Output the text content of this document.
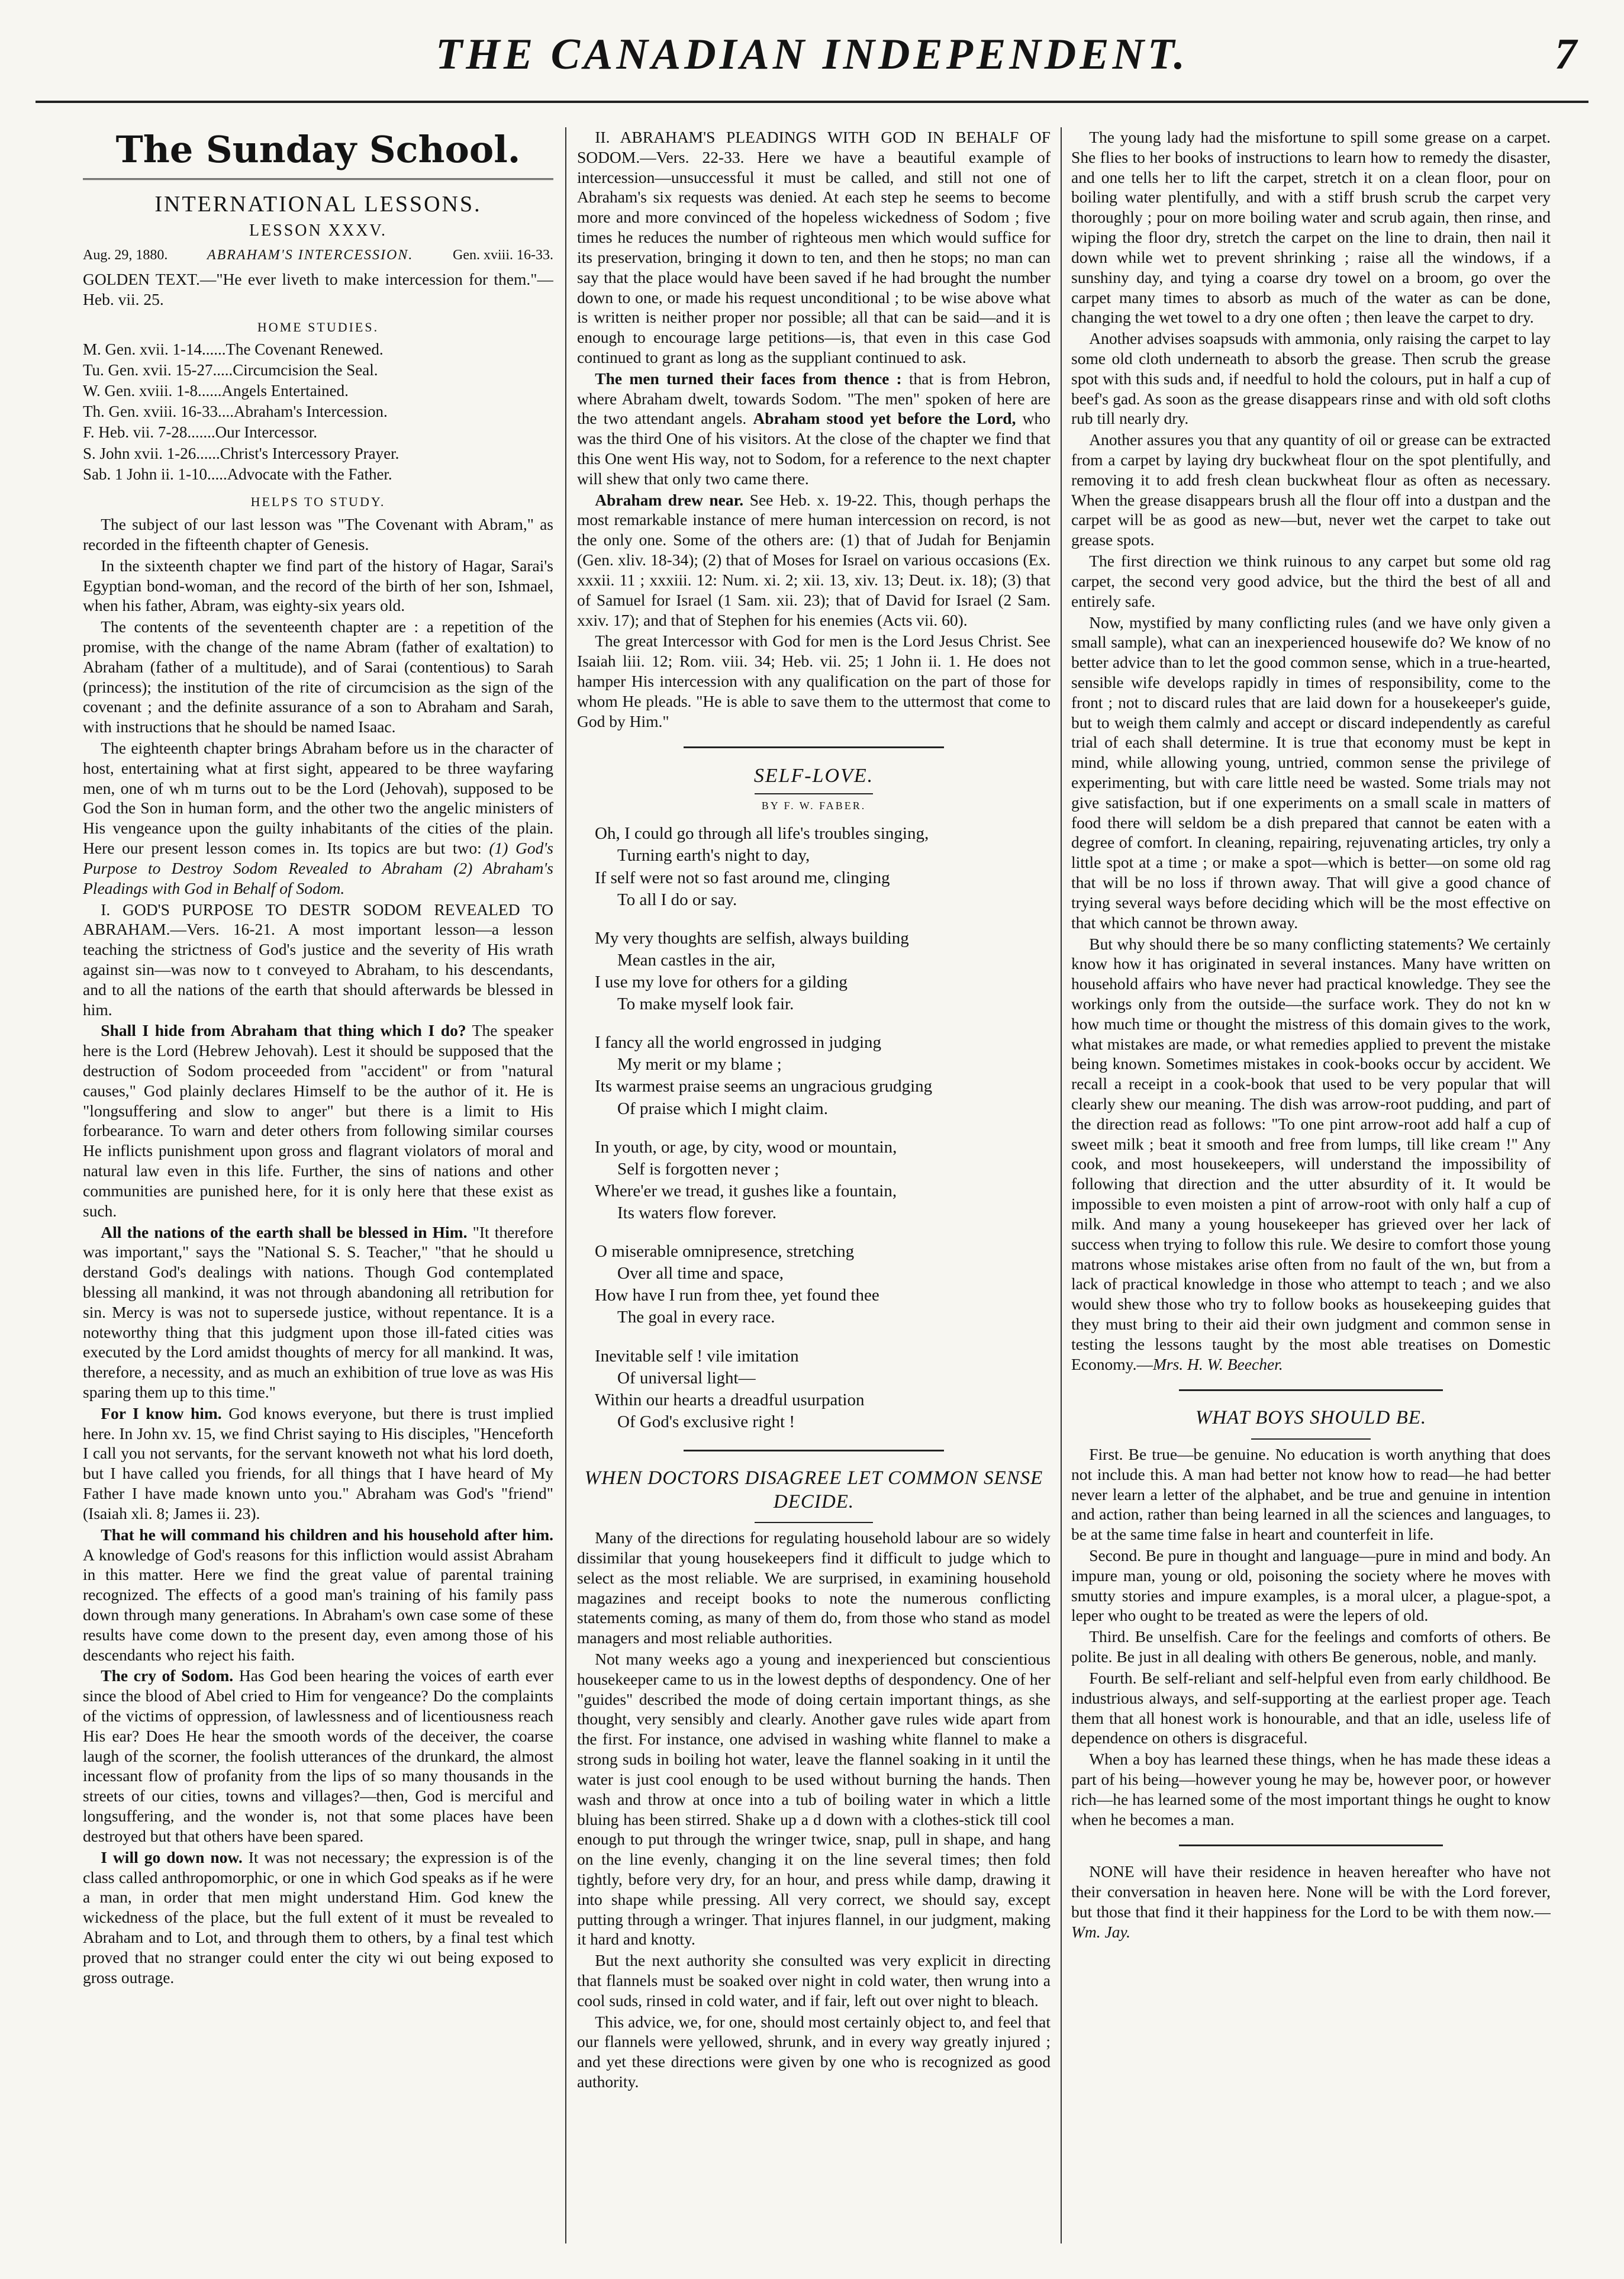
THE CANADIAN INDEPENDENT.	7
The Sunday School.
INTERNATIONAL LESSONS.
LESSON XXXV.
Aug. 29, 1880.	ABRAHAM'S INTERCESSION.	Gen. xviii. 16-33.

GOLDEN TEXT.—"He ever liveth to make intercession for them."—Heb. vii. 25.

HOME STUDIES.
M. Gen. xvii. 1-14......The Covenant Renewed.
Tu. Gen. xvii. 15-27.....Circumcision the Seal.
W. Gen. xviii. 1-8......Angels Entertained.
Th. Gen. xviii. 16-33....Abraham's Intercession.
F. Heb. vii. 7-28.......Our Intercessor.
S. John xvii. 1-26......Christ's Intercessory Prayer.
Sab. 1 John ii. 1-10.....Advocate with the Father.
HELPS TO STUDY.

The subject of our last lesson was "The Covenant with Abram," as recorded in the fifteenth chapter of Genesis.

In the sixteenth chapter we find part of the history of Hagar, Sarai's Egyptian bond-woman, and the record of the birth of her son, Ishmael, when his father, Abram, was eighty-six years old.

The contents of the seventeenth chapter are : a repetition of the promise, with the change of the name Abram (father of exaltation) to Abraham (father of a multitude), and of Sarai (contentious) to Sarah (princess); the institution of the rite of circumcision as the sign of the covenant ; and the definite assurance of a son to Abraham and Sarah, with instructions that he should be named Isaac.

The eighteenth chapter brings Abraham before us in the character of host, entertaining what at first sight, appeared to be three wayfaring men, one of wh m turns out to be the Lord (Jehovah), supposed to be God the Son in human form, and the other two the angelic ministers of His vengeance upon the guilty inhabitants of the cities of the plain. Here our present lesson comes in. Its topics are but two: (1) God's Purpose to Destroy Sodom Revealed to Abraham (2) Abraham's Pleadings with God in Behalf of Sodom.

I. GOD'S PURPOSE TO DESTR SODOM REVEALED TO ABRAHAM.—Vers. 16-21. A most important lesson—a lesson teaching the strictness of God's justice and the severity of His wrath against sin—was now to t conveyed to Abraham, to his descendants, and to all the nations of the earth that should afterwards be blessed in him.

Shall I hide from Abraham that thing which I do? The speaker here is the Lord (Hebrew Jehovah). Lest it should be supposed that the destruction of Sodom proceeded from "accident" or from "natural causes," God plainly declares Himself to be the author of it. He is "longsuffering and slow to anger" but there is a limit to His forbearance. To warn and deter others from following similar courses He inflicts punishment upon gross and flagrant violators of moral and natural law even in this life. Further, the sins of nations and other communities are punished here, for it is only here that these exist as such.

All the nations of the earth shall be blessed in Him. "It therefore was important," says the "National S. S. Teacher," "that he should u derstand God's dealings with nations. Though God contemplated blessing all mankind, it was not through abandoning all retribution for sin. Mercy is was not to supersede justice, without repentance. It is a noteworthy thing that this judgment upon those ill-fated cities was executed by the Lord amidst thoughts of mercy for all mankind. It was, therefore, a necessity, and as much an exhibition of true love as was His sparing them up to this time."

For I know him. God knows everyone, but there is trust implied here. In John xv. 15, we find Christ saying to His disciples, "Henceforth I call you not servants, for the servant knoweth not what his lord doeth, but I have called you friends, for all things that I have heard of My Father I have made known unto you." Abraham was God's "friend" (Isaiah xli. 8; James ii. 23).

That he will command his children and his household after him. A knowledge of God's reasons for this infliction would assist Abraham in this matter. Here we find the great value of parental training recognized. The effects of a good man's training of his family pass down through many generations. In Abraham's own case some of these results have come down to the present day, even among those of his descendants who reject his faith.

The cry of Sodom. Has God been hearing the voices of earth ever since the blood of Abel cried to Him for vengeance? Do the complaints of the victims of oppression, of lawlessness and of licentiousness reach His ear? Does He hear the smooth words of the deceiver, the coarse laugh of the scorner, the foolish utterances of the drunkard, the almost incessant flow of profanity from the lips of so many thousands in the streets of our cities, towns and villages?—then, God is merciful and longsuffering, and the wonder is, not that some places have been destroyed but that others have been spared.

I will go down now. It was not necessary; the expression is of the class called anthropomorphic, or one in which God speaks as if he were a man, in order that men might understand Him. God knew the wickedness of the place, but the full extent of it must be revealed to Abraham and to Lot, and through them to others, by a final test which proved that no stranger could enter the city wi out being exposed to gross outrage.

II. ABRAHAM'S PLEADINGS WITH GOD IN BEHALF OF SODOM.—Vers. 22-33. Here we have a beautiful example of intercession—unsuccessful it must be called, and still not one of Abraham's six requests was denied. At each step he seems to become more and more convinced of the hopeless wickedness of Sodom ; five times he reduces the number of righteous men which would suffice for its preservation, bringing it down to ten, and then he stops; no man can say that the place would have been saved if he had brought the number down to one, or made his request unconditional ; to be wise above what is written is neither proper nor possible; all that can be said—and it is enough to encourage large petitions—is, that even in this case God continued to grant as long as the suppliant continued to ask.

The men turned their faces from thence : that is from Hebron, where Abraham dwelt, towards Sodom. "The men" spoken of here are the two attendant angels. Abraham stood yet before the Lord, who was the third One of his visitors. At the close of the chapter we find that this One went His way, not to Sodom, for a reference to the next chapter will shew that only two came there.

Abraham drew near. See Heb. x. 19-22. This, though perhaps the most remarkable instance of mere human intercession on record, is not the only one. Some of the others are: (1) that of Judah for Benjamin (Gen. xliv. 18-34); (2) that of Moses for Israel on various occasions (Ex. xxxii. 11 ; xxxiii. 12: Num. xi. 2; xii. 13, xiv. 13; Deut. ix. 18); (3) that of Samuel for Israel (1 Sam. xii. 23); that of David for Israel (2 Sam. xxiv. 17); and that of Stephen for his enemies (Acts vii. 60).

The great Intercessor with God for men is the Lord Jesus Christ. See Isaiah liii. 12; Rom. viii. 34; Heb. vii. 25; 1 John ii. 1. He does not hamper His intercession with any qualification on the part of those for whom He pleads. "He is able to save them to the uttermost that come to God by Him."

SELF-LOVE.
BY F. W. FABER.
Oh, I could go through all life's troubles singing,
Turning earth's night to day,
If self were not so fast around me, clinging
To all I do or say.
My very thoughts are selfish, always building
Mean castles in the air,
I use my love for others for a gilding
To make myself look fair.
I fancy all the world engrossed in judging
My merit or my blame ;
Its warmest praise seems an ungracious grudging
Of praise which I might claim.
In youth, or age, by city, wood or mountain,
Self is forgotten never ;
Where'er we tread, it gushes like a fountain,
Its waters flow forever.
O miserable omnipresence, stretching
Over all time and space,
How have I run from thee, yet found thee
The goal in every race.
Inevitable self ! vile imitation
Of universal light—
Within our hearts a dreadful usurpation
Of God's exclusive right !
WHEN DOCTORS DISAGREE LET COMMON SENSE DECIDE.

Many of the directions for regulating household labour are so widely dissimilar that young housekeepers find it difficult to judge which to select as the most reliable. We are surprised, in examining household magazines and receipt books to note the numerous conflicting statements coming, as many of them do, from those who stand as model managers and most reliable authorities.

Not many weeks ago a young and inexperienced but conscientious housekeeper came to us in the lowest depths of despondency. One of her "guides" described the mode of doing certain important things, as she thought, very sensibly and clearly. Another gave rules wide apart from the first. For instance, one advised in washing white flannel to make a strong suds in boiling hot water, leave the flannel soaking in it until the water is just cool enough to be used without burning the hands. Then wash and throw at once into a tub of boiling water in which a little bluing has been stirred. Shake up a d down with a clothes-stick till cool enough to put through the wringer twice, snap, pull in shape, and hang on the line evenly, changing it on the line several times; then fold tightly, before very dry, for an hour, and press while damp, drawing it into shape while pressing. All very correct, we should say, except putting through a wringer. That injures flannel, in our judgment, making it hard and knotty.

But the next authority she consulted was very explicit in directing that flannels must be soaked over night in cold water, then wrung into a cool suds, rinsed in cold water, and if fair, left out over night to bleach.

This advice, we, for one, should most certainly object to, and feel that our flannels were yellowed, shrunk, and in every way greatly injured ; and yet these directions were given by one who is recognized as good authority.

The young lady had the misfortune to spill some grease on a carpet. She flies to her books of instructions to learn how to remedy the disaster, and one tells her to lift the carpet, stretch it on a clean floor, pour on boiling water plentifully, and with a stiff brush scrub the carpet very thoroughly ; pour on more boiling water and scrub again, then rinse, and wiping the floor dry, stretch the carpet on the line to drain, then nail it down while wet to prevent shrinking ; raise all the windows, if a sunshiny day, and tying a coarse dry towel on a broom, go over the carpet many times to absorb as much of the water as can be done, changing the wet towel to a dry one often ; then leave the carpet to dry.

Another advises soapsuds with ammonia, only raising the carpet to lay some old cloth underneath to absorb the grease. Then scrub the grease spot with this suds and, if needful to hold the colours, put in half a cup of beef's gad. As soon as the grease disappears rinse and with old soft cloths rub till nearly dry.

Another assures you that any quantity of oil or grease can be extracted from a carpet by laying dry buckwheat flour on the spot plentifully, and removing it to add fresh clean buckwheat flour as often as necessary. When the grease disappears brush all the flour off into a dustpan and the carpet will be as good as new—but, never wet the carpet to take out grease spots.

The first direction we think ruinous to any carpet but some old rag carpet, the second very good advice, but the third the best of all and entirely safe.

Now, mystified by many conflicting rules (and we have only given a small sample), what can an inexperienced housewife do? We know of no better advice than to let the good common sense, which in a true-hearted, sensible wife develops rapidly in times of responsibility, come to the front ; not to discard rules that are laid down for a housekeeper's guide, but to weigh them calmly and accept or discard independently as careful trial of each shall determine. It is true that economy must be kept in mind, while allowing young, untried, common sense the privilege of experimenting, but with care little need be wasted. Some trials may not give satisfaction, but if one experiments on a small scale in matters of food there will seldom be a dish prepared that cannot be eaten with a degree of comfort. In cleaning, repairing, rejuvenating articles, try only a little spot at a time ; or make a spot—which is better—on some old rag that will be no loss if thrown away. That will give a good chance of trying several ways before deciding which will be the most effective on that which cannot be thrown away.

But why should there be so many conflicting statements? We certainly know how it has originated in several instances. Many have written on household affairs who have never had practical knowledge. They see the workings only from the outside—the surface work. They do not kn w how much time or thought the mistress of this domain gives to the work, what mistakes are made, or what remedies applied to prevent the mistake being known. Sometimes mistakes in cook-books occur by accident. We recall a receipt in a cook-book that used to be very popular that will clearly shew our meaning. The dish was arrow-root pudding, and part of the direction read as follows: "To one pint arrow-root add half a cup of sweet milk ; beat it smooth and free from lumps, till like cream !" Any cook, and most housekeepers, will understand the impossibility of following that direction and the utter absurdity of it. It would be impossible to even moisten a pint of arrow-root with only half a cup of milk. And many a young housekeeper has grieved over her lack of success when trying to follow this rule. We desire to comfort those young matrons whose mistakes arise often from no fault of the wn, but from a lack of practical knowledge in those who attempt to teach ; and we also would shew those who try to follow books as housekeeping guides that they must bring to their aid their own judgment and common sense in testing the lessons taught by the most able treatises on Domestic Economy.—Mrs. H. W. Beecher.

WHAT BOYS SHOULD BE.

First. Be true—be genuine. No education is worth anything that does not include this. A man had better not know how to read—he had better never learn a letter of the alphabet, and be true and genuine in intention and action, rather than being learned in all the sciences and languages, to be at the same time false in heart and counterfeit in life.

Second. Be pure in thought and language—pure in mind and body. An impure man, young or old, poisoning the society where he moves with smutty stories and impure examples, is a moral ulcer, a plague-spot, a leper who ought to be treated as were the lepers of old.

Third. Be unselfish. Care for the feelings and comforts of others. Be polite. Be just in all dealing with others Be generous, noble, and manly.

Fourth. Be self-reliant and self-helpful even from early childhood. Be industrious always, and self-supporting at the earliest proper age. Teach them that all honest work is honourable, and that an idle, useless life of dependence on others is disgraceful.

When a boy has learned these things, when he has made these ideas a part of his being—however young he may be, however poor, or however rich—he has learned some of the most important things he ought to know when he becomes a man.

NONE will have their residence in heaven hereafter who have not their conversation in heaven here. None will be with the Lord forever, but those that find it their happiness for the Lord to be with them now.—Wm. Jay.
